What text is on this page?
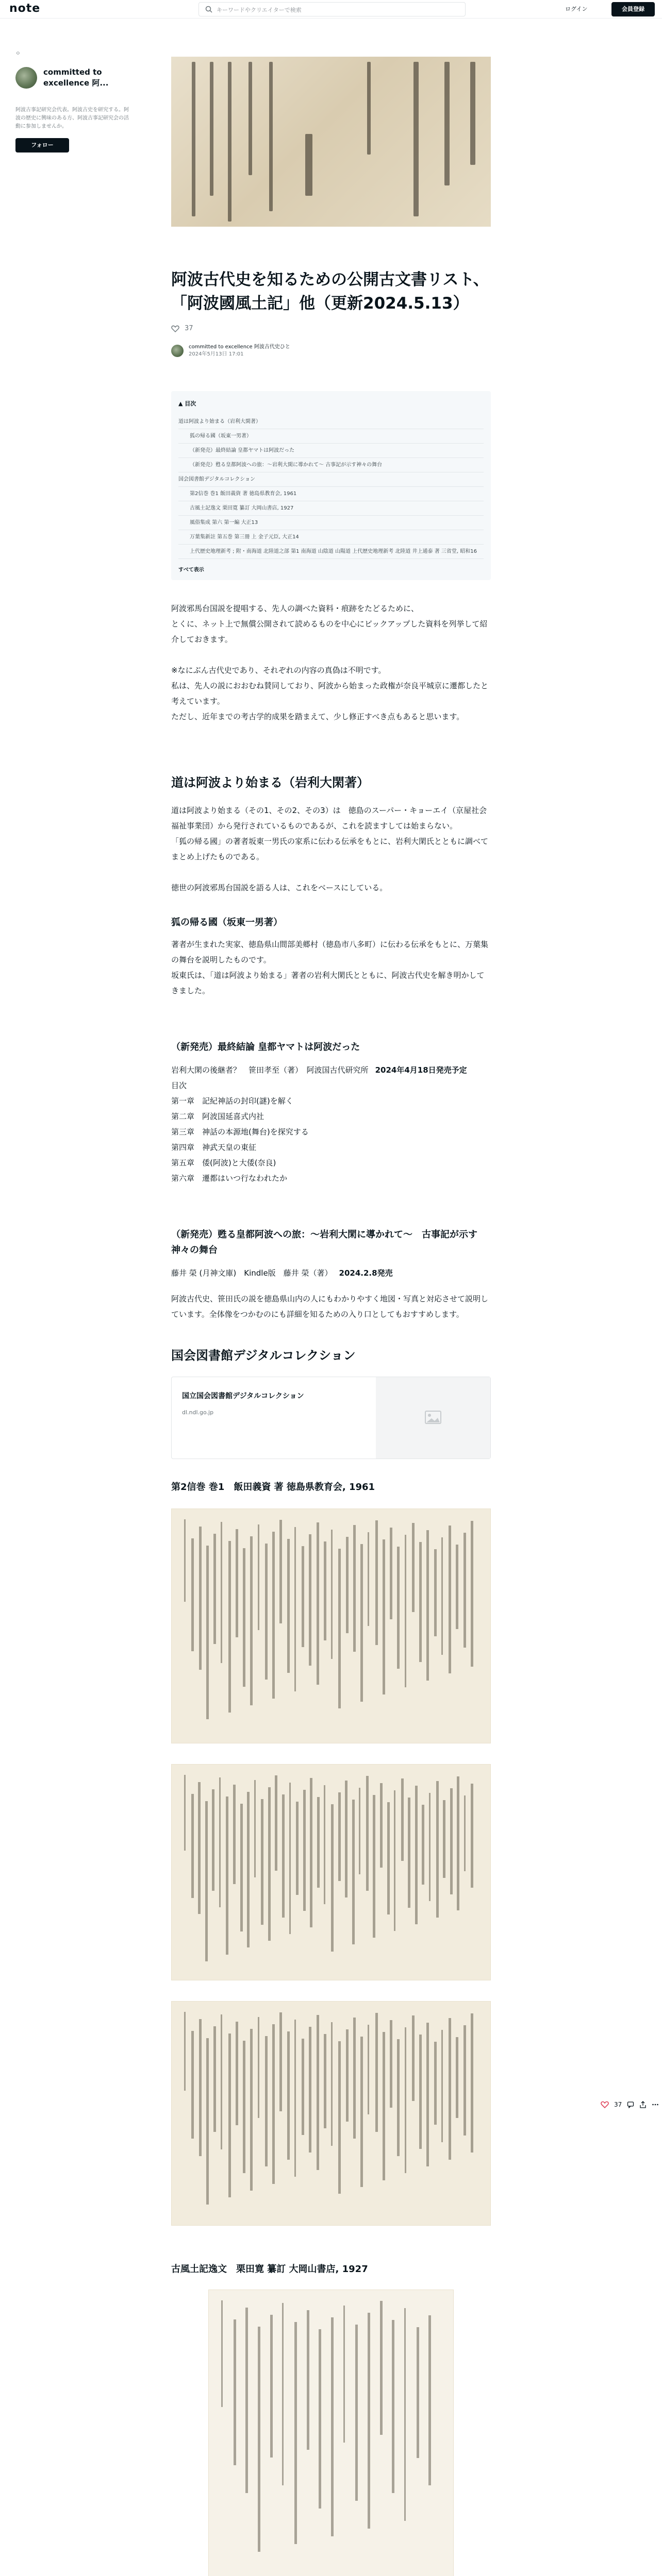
note	キーワードやクリエイターで検索	ログイン	会員登録
ㅇ
committed to excellence 阿...
阿波古事記研究会代表。阿波古史を研究する。阿波の歴史に興味のある方、阿波古事記研究会の活動に参加しませんか。
フォロー
阿波古代史を知るための公開古文書リスト、「阿波國風土記」他（更新2024.5.13）
37
committed to excellence 阿波古代史ひと
2024年5月13日 17:01
▲ 目次
道は阿波より始まる（岩利大閑著）
狐の帰る國（坂東一男著）
（新発売）最終結論 皇都ヤマトは阿波だった
（新発売）甦る皇都阿波への旅：〜岩利大閑に導かれて〜 古事記が示す神々の舞台
国会図書館デジタルコレクション
第2信巻 巻1 飯田義資 著 徳島県教育会, 1961
古風土記逸文 栗田寛 纂訂 大岡山書店, 1927
風俗集成 第六 第一編 大正13
万葉集新註 第五巻 第三冊 上 金子元臣, 大正14
上代歴史地理新考 ; 附・南海道 北陸道之部 第1 南海道 山陰道 山陽道 上代歴史地理新考 北陸道 井上通泰 著 三省堂, 昭和16
すべて表示

阿波邪馬台国説を提唱する、先人の調べた資料・痕跡をたどるために、

とくに、ネット上で無償公開されて読めるものを中心にピックアップした資料を列挙して紹介しておきます。

※なにぶん古代史であり、それぞれの内容の真偽は不明です。

私は、先人の説におおむね賛同しており、阿波から始まった政権が奈良平城京に遷都したと考えています。

ただし、近年までの考古学的成果を踏まえて、少し修正すべき点もあると思います。

道は阿波より始まる（岩利大閑著）

道は阿波より始まる（その1、その2、その3）は　徳島のスーパー・キョーエイ（京屋社会福祉事業団）から発行されているものであるが、これを読ますしては始まらない。

「狐の帰る國」の著者坂東一男氏の家系に伝わる伝承をもとに、岩利大閑氏とともに調べてまとめ上げたものである。

徳世の阿波邪馬台国説を語る人は、これをベースにしている。

狐の帰る國（坂東一男著）

著者が生まれた実家、徳島県山間部美郷村（徳島市八多町）に伝わる伝承をもとに、万葉集の舞台を説明したものです。

坂東氏は、「道は阿波より始まる」著者の岩利大閑氏とともに、阿波古代史を解き明かしてきました。

（新発売）最終結論 皇都ヤマトは阿波だった
岩利大閑の後継者？　笹田孝至（著）　阿波国古代研究所 2024年4月18日発売予定

目次

第一章　記紀神話の封印(謎)を解く

第二章　阿波国延喜式内社

第三章　神話の本源地(舞台)を探究する

第四章　神武天皇の東征

第五章　倭(阿波)と大倭(奈良)

第六章　遷都はいつ行なわれたか

（新発売）甦る皇都阿波への旅：〜岩利大閑に導かれて〜　古事記が示す神々の舞台
藤井 榮 (月神文庫)　Kindle版　藤井 榮（著） 2024.2.8発売

阿波古代史、笹田氏の説を徳島県山内の人にもわかりやすく地図・写真と対応させて説明しています。全体像をつかむのにも詳細を知るための入り口としてもおすすめします。

国会図書館デジタルコレクション
国立国会図書館デジタルコレクション
dl.ndl.go.jp
第2信巻 巻1　飯田義資 著 徳島県教育会, 1961
古風土記逸文　栗田寛 纂訂 大岡山書店, 1927
37
